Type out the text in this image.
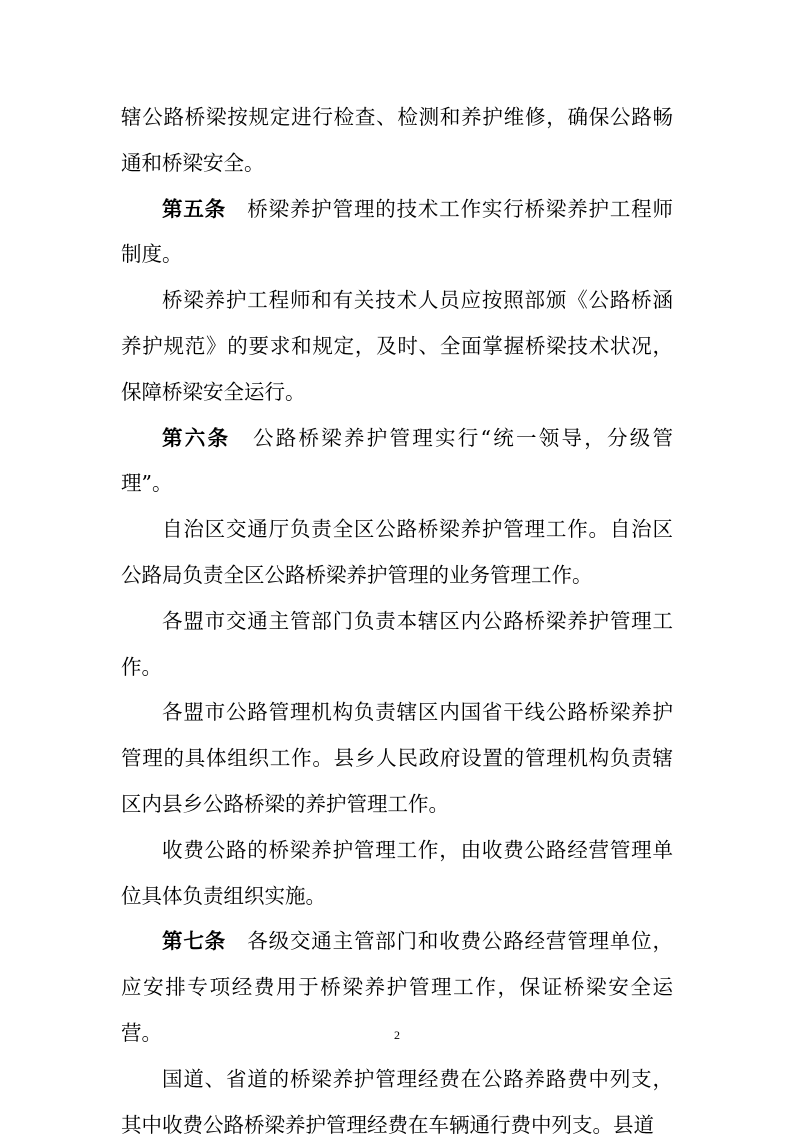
辖公路桥梁按规定进行检查、检测和养护维修，确保公路畅通和桥梁安全。

第五条  桥梁养护管理的技术工作实行桥梁养护工程师制度。

桥梁养护工程师和有关技术人员应按照部颁《公路桥涵养护规范》的要求和规定，及时、全面掌握桥梁技术状况，保障桥梁安全运行。

第六条  公路桥梁养护管理实行“统一领导，分级管理”。

自治区交通厅负责全区公路桥梁养护管理工作。自治区公路局负责全区公路桥梁养护管理的业务管理工作。

各盟市交通主管部门负责本辖区内公路桥梁养护管理工作。

各盟市公路管理机构负责辖区内国省干线公路桥梁养护管理的具体组织工作。县乡人民政府设置的管理机构负责辖区内县乡公路桥梁的养护管理工作。

收费公路的桥梁养护管理工作，由收费公路经营管理单位具体负责组织实施。

第七条  各级交通主管部门和收费公路经营管理单位，应安排专项经费用于桥梁养护管理工作，保证桥梁安全运营。

国道、省道的桥梁养护管理经费在公路养路费中列支，其中收费公路桥梁养护管理经费在车辆通行费中列支。县道

2
